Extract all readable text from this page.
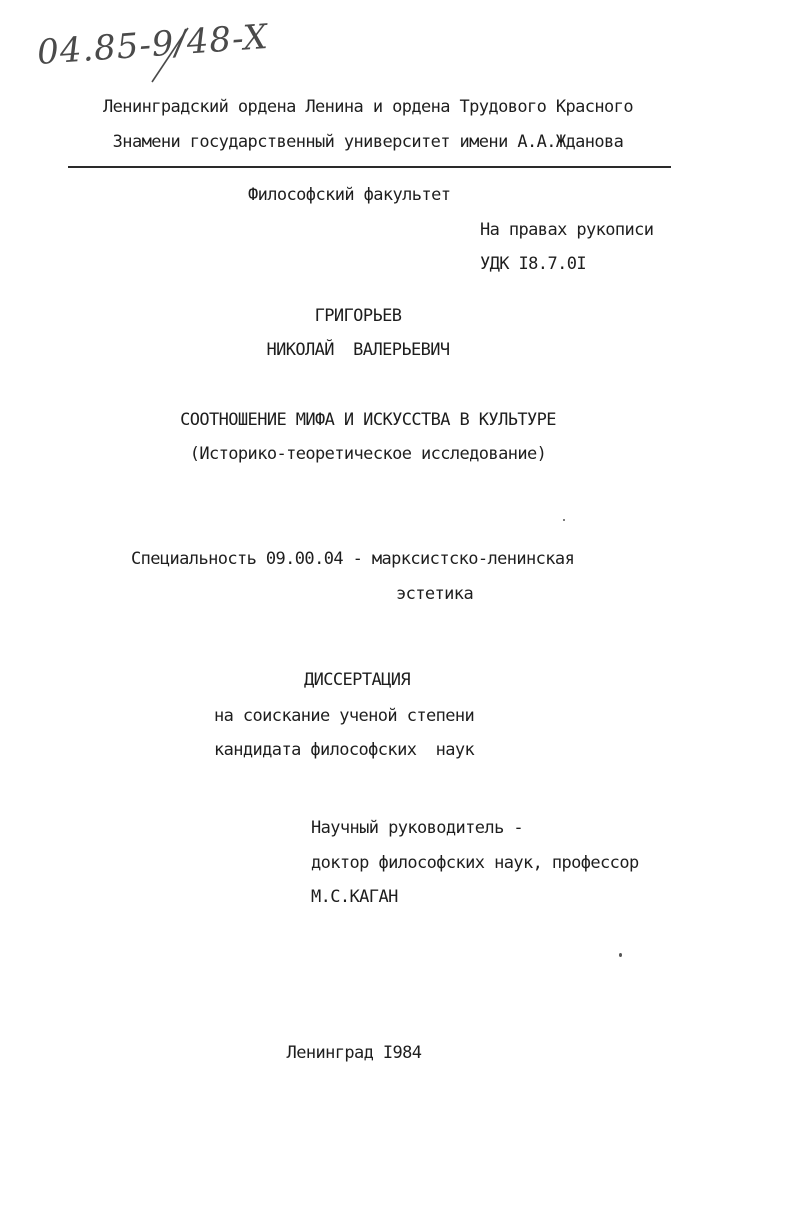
04.85-9/48-X
Ленинградский ордена Ленина и ордена Трудового Красного
Знамени государственный университет имени А.А.Жданова
Философский факультет
На правах рукописи
УДК I8.7.0I
ГРИГОРЬЕВ
НИКОЛАЙ  ВАЛЕРЬЕВИЧ
СООТНОШЕНИЕ МИФА И ИСКУССТВА В КУЛЬТУРЕ
(Историко-теоретическое исследование)
Специальность 09.00.04 - марксистско-ленинская
эстетика
ДИССЕРТАЦИЯ
на соискание ученой степени
кандидата философских  наук
Научный руководитель -
доктор философских наук, профессор
М.С.КАГАН
Ленинград I984
